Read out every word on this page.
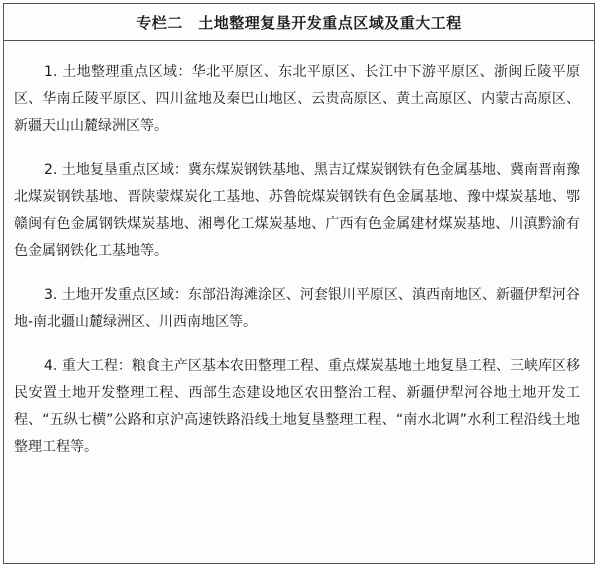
专栏二　土地整理复垦开发重点区域及重大工程

1. 土地整理重点区域：华北平原区、东北平原区、长江中下游平原区、浙闽丘陵平原区、华南丘陵平原区、四川盆地及秦巴山地区、云贵高原区、黄土高原区、内蒙古高原区、新疆天山山麓绿洲区等。

2. 土地复垦重点区域：冀东煤炭钢铁基地、黑吉辽煤炭钢铁有色金属基地、冀南晋南豫北煤炭钢铁基地、晋陕蒙煤炭化工基地、苏鲁皖煤炭钢铁有色金属基地、豫中煤炭基地、鄂赣闽有色金属钢铁煤炭基地、湘粤化工煤炭基地、广西有色金属建材煤炭基地、川滇黔渝有色金属钢铁化工基地等。

3. 土地开发重点区域：东部沿海滩涂区、河套银川平原区、滇西南地区、新疆伊犁河谷地-南北疆山麓绿洲区、川西南地区等。

4. 重大工程：粮食主产区基本农田整理工程、重点煤炭基地土地复垦工程、三峡库区移民安置土地开发整理工程、西部生态建设地区农田整治工程、新疆伊犁河谷地土地开发工程、“五纵七横”公路和京沪高速铁路沿线土地复垦整理工程、“南水北调”水利工程沿线土地整理工程等。
